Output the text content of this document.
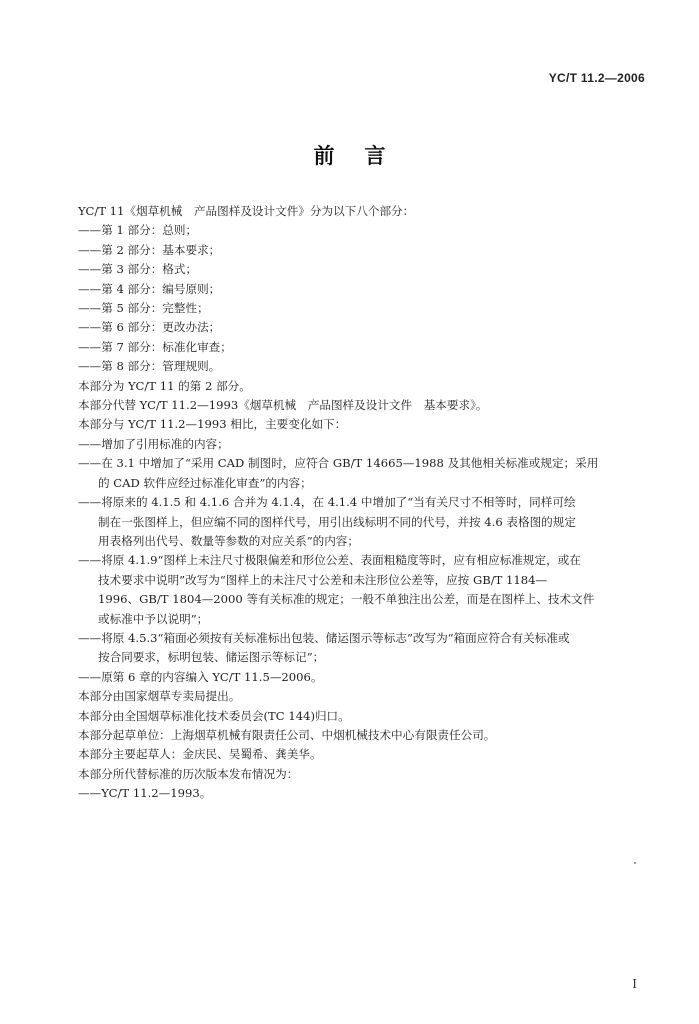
YC/T 11.2—2006
前言
YC/T 11《烟草机械　产品图样及设计文件》分为以下八个部分：
——第 1 部分：总则；
——第 2 部分：基本要求；
——第 3 部分：格式；
——第 4 部分：编号原则；
——第 5 部分：完整性；
——第 6 部分：更改办法；
——第 7 部分：标准化审查；
——第 8 部分：管理规则。
本部分为 YC/T 11 的第 2 部分。
本部分代替 YC/T 11.2—1993《烟草机械　产品图样及设计文件　基本要求》。
本部分与 YC/T 11.2—1993 相比，主要变化如下：
——增加了引用标准的内容；
——在 3.1 中增加了“采用 CAD 制图时，应符合 GB/T 14665—1988 及其他相关标准或规定；采用
的 CAD 软件应经过标准化审查”的内容；
——将原来的 4.1.5 和 4.1.6 合并为 4.1.4，在 4.1.4 中增加了“当有关尺寸不相等时，同样可绘
制在一张图样上，但应编不同的图样代号，用引出线标明不同的代号，并按 4.6 表格图的规定
用表格列出代号、数量等参数的对应关系”的内容；
——将原 4.1.9“图样上未注尺寸极限偏差和形位公差、表面粗糙度等时，应有相应标准规定，或在
技术要求中说明”改写为“图样上的未注尺寸公差和未注形位公差等，应按 GB/T 1184—
1996、GB/T 1804—2000 等有关标准的规定；一般不单独注出公差，而是在图样上、技术文件
或标准中予以说明”；
——将原 4.5.3“箱面必须按有关标准标出包装、储运图示等标志”改写为“箱面应符合有关标准或
按合同要求，标明包装、储运图示等标记”；
——原第 6 章的内容编入 YC/T 11.5—2006。
本部分由国家烟草专卖局提出。
本部分由全国烟草标准化技术委员会(TC 144)归口。
本部分起草单位：上海烟草机械有限责任公司、中烟机械技术中心有限责任公司。
本部分主要起草人：金庆民、吴蜀希、龚美华。
本部分所代替标准的历次版本发布情况为：
——YC/T 11.2—1993。
I
